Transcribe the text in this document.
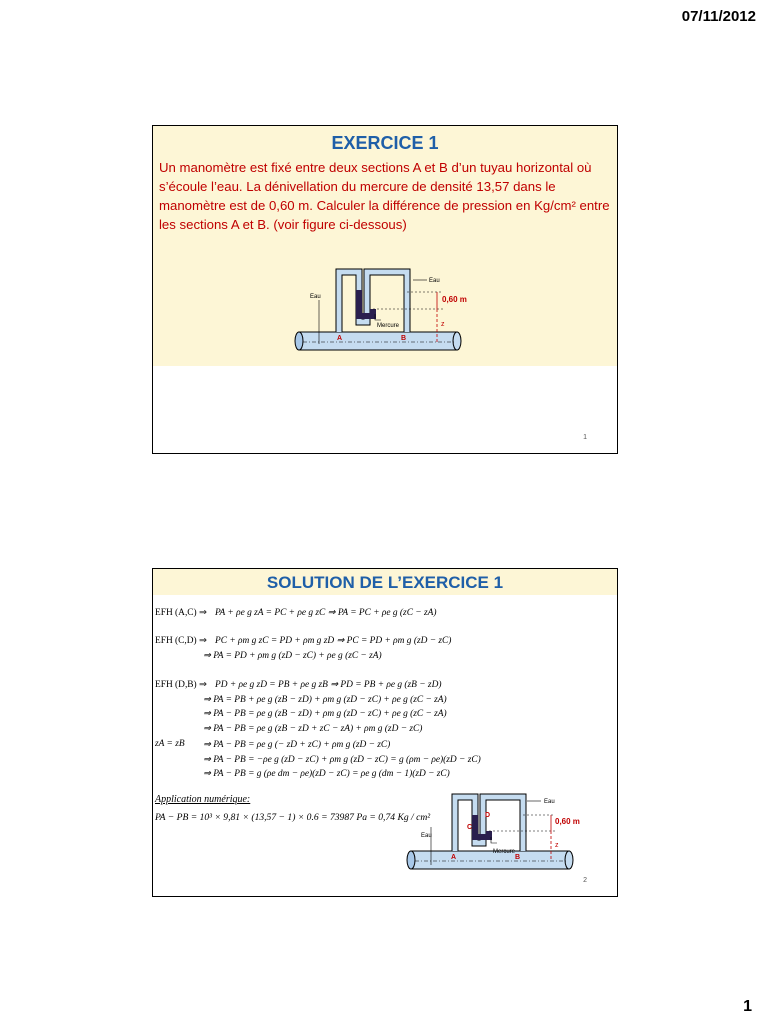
07/11/2012
EXERCICE 1

Un manomètre est fixé entre deux sections A et B d’un tuyau horizontal où s’écoule l’eau. La dénivellation du mercure de densité 13,57 dans le manomètre est de 0,60 m. Calculer la différence de pression en Kg/cm² entre les sections A et B. (voir figure ci-dessous)

Eau
Eau
Mercure
0,60 m
z
A	B
1
SOLUTION DE L’EXERCICE 1
EFH (A,C) ⇒ PA + ρe g zA = PC + ρe g zC ⇒ PA = PC + ρe g (zC − zA)
EFH (C,D) ⇒ PC + ρm g zC = PD + ρm g zD ⇒ PC = PD + ρm g (zD − zC)
⇒ PA = PD + ρm g (zD − zC) + ρe g (zC − zA)
EFH (D,B) ⇒ PD + ρe g zD = PB + ρe g zB ⇒ PD = PB + ρe g (zB − zD)
⇒ PA = PB + ρe g (zB − zD) + ρm g (zD − zC) + ρe g (zC − zA)
⇒ PA − PB = ρe g (zB − zD) + ρm g (zD − zC) + ρe g (zC − zA)
⇒ PA − PB = ρe g (zB − zD + zC − zA) + ρm g (zD − zC)
zA = zB ⇒ PA − PB = ρe g (− zD + zC) + ρm g (zD − zC)
⇒ PA − PB = −ρe g (zD − zC) + ρm g (zD − zC) = g (ρm − ρe)(zD − zC)
⇒ PA − PB = g (ρe dm − ρe)(zD − zC) = ρe g (dm − 1)(zD − zC)
Application numérique:
PA − PB = 10³ × 9,81 × (13,57 − 1) × 0.6 = 73987 Pa = 0,74 Kg / cm²
Eau
Eau
Mercure
0,60 m
z
A	B
C
D
2
1
